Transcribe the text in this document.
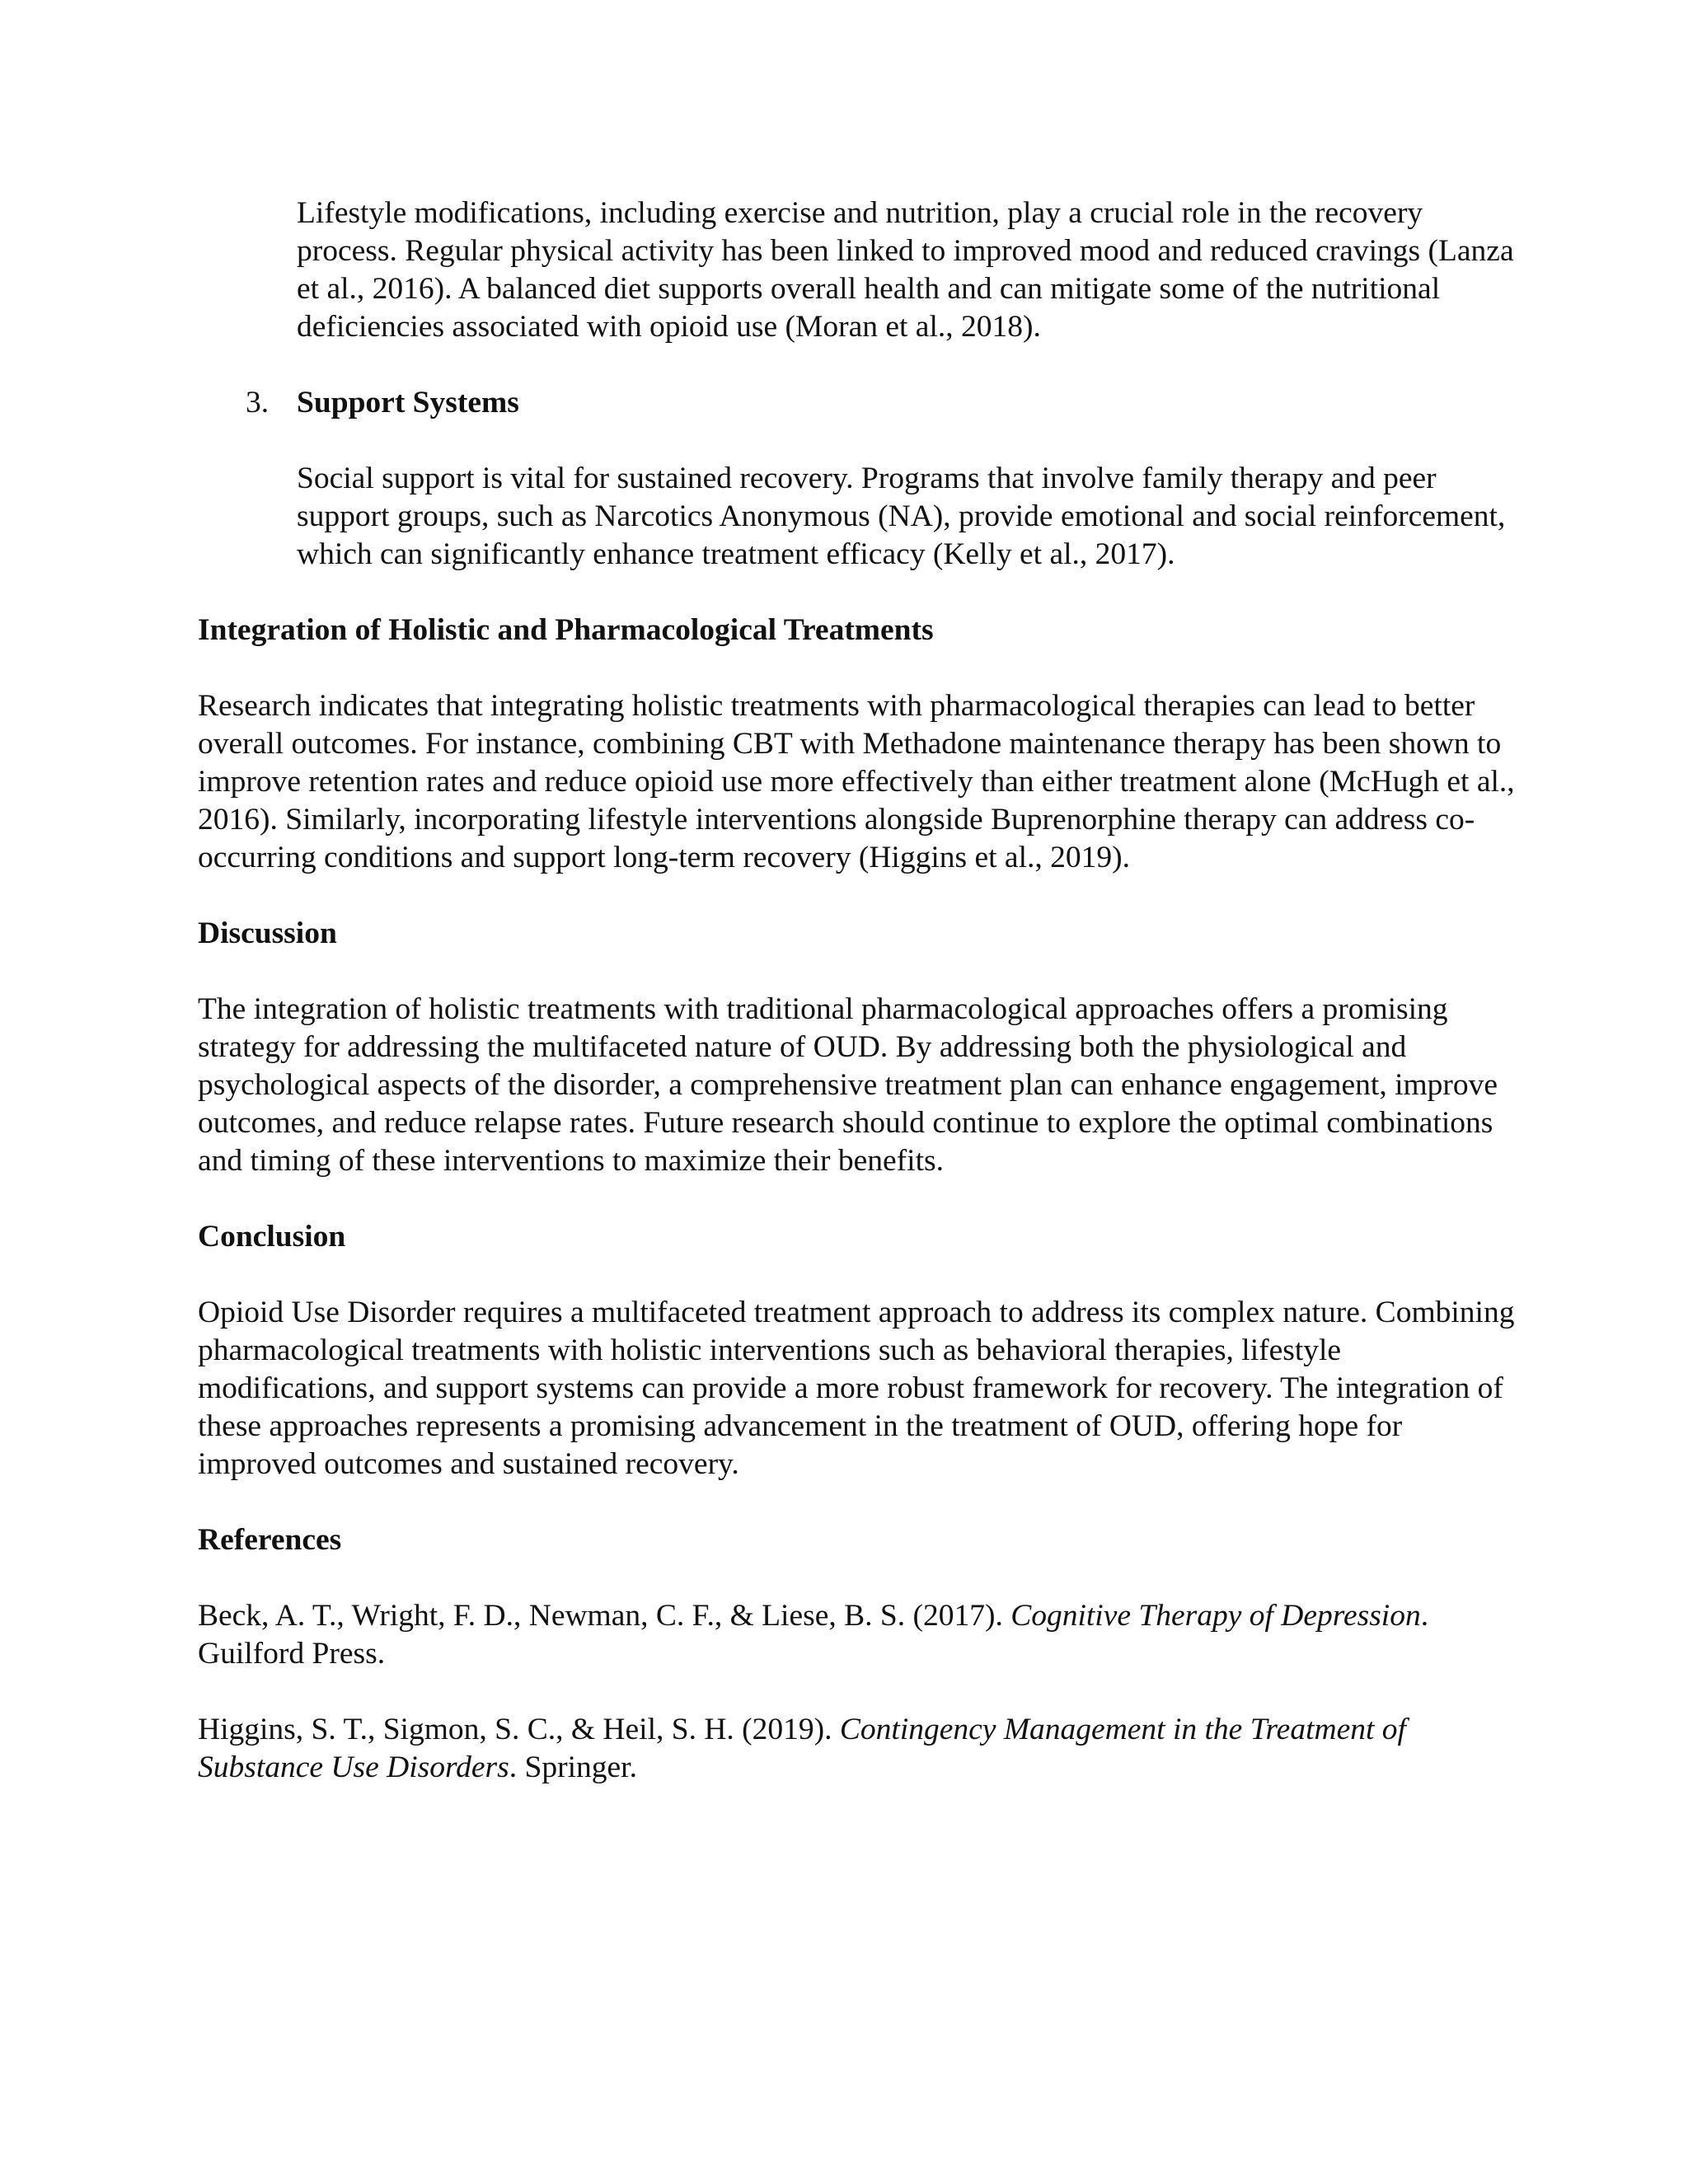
Lifestyle modifications, including exercise and nutrition, play a crucial role in the recovery process. Regular physical activity has been linked to improved mood and reduced cravings (Lanza et al., 2016). A balanced diet supports overall health and can mitigate some of the nutritional deficiencies associated with opioid use (Moran et al., 2018).

3. Support Systems

Social support is vital for sustained recovery. Programs that involve family therapy and peer support groups, such as Narcotics Anonymous (NA), provide emotional and social reinforcement, which can significantly enhance treatment efficacy (Kelly et al., 2017).

Integration of Holistic and Pharmacological Treatments

Research indicates that integrating holistic treatments with pharmacological therapies can lead to better overall outcomes. For instance, combining CBT with Methadone maintenance therapy has been shown to improve retention rates and reduce opioid use more effectively than either treatment alone (McHugh et al., 2016). Similarly, incorporating lifestyle interventions alongside Buprenorphine therapy can address co-occurring conditions and support long-term recovery (Higgins et al., 2019).

Discussion

The integration of holistic treatments with traditional pharmacological approaches offers a promising strategy for addressing the multifaceted nature of OUD. By addressing both the physiological and psychological aspects of the disorder, a comprehensive treatment plan can enhance engagement, improve outcomes, and reduce relapse rates. Future research should continue to explore the optimal combinations and timing of these interventions to maximize their benefits.

Conclusion

Opioid Use Disorder requires a multifaceted treatment approach to address its complex nature. Combining pharmacological treatments with holistic interventions such as behavioral therapies, lifestyle modifications, and support systems can provide a more robust framework for recovery. The integration of these approaches represents a promising advancement in the treatment of OUD, offering hope for improved outcomes and sustained recovery.

References

Beck, A. T., Wright, F. D., Newman, C. F., & Liese, B. S. (2017). Cognitive Therapy of Depression. Guilford Press.

Higgins, S. T., Sigmon, S. C., & Heil, S. H. (2019). Contingency Management in the Treatment of Substance Use Disorders. Springer.
